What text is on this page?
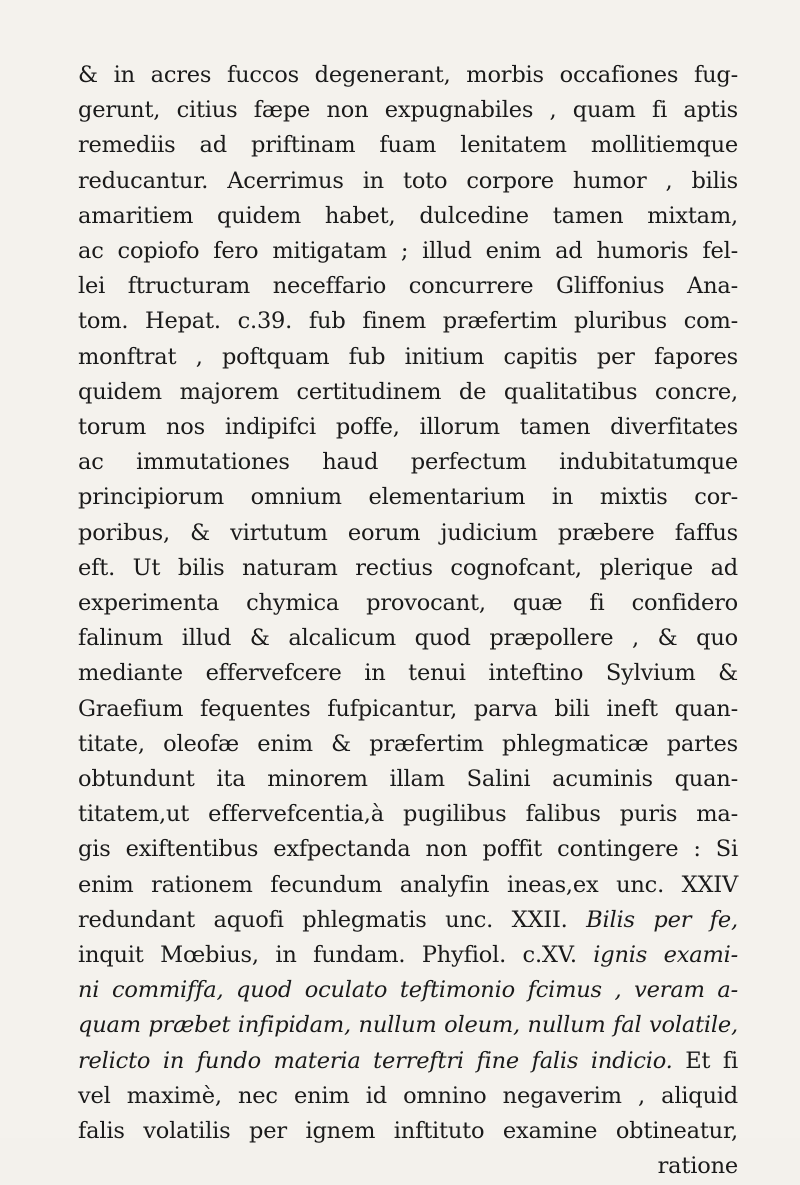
& in acres fuccos degenerant, morbis occafiones fug-
gerunt, citius fæpe non expugnabiles , quam fi aptis
remediis ad priftinam fuam lenitatem mollitiemque
reducantur. Acerrimus in toto corpore humor , bilis
amaritiem quidem habet, dulcedine tamen mixtam,
ac copiofo fero mitigatam ; illud enim ad humoris fel-
lei ftructuram neceffario concurrere Gliffonius Ana-
tom. Hepat. c.39. fub finem præfertim pluribus com-
monftrat , poftquam fub initium capitis per fapores
quidem majorem certitudinem de qualitatibus concre,
torum nos indipifci poffe, illorum tamen diverfitates
ac immutationes haud perfectum indubitatumque
principiorum omnium elementarium in mixtis cor-
poribus, & virtutum eorum judicium præbere faffus
eft. Ut bilis naturam rectius cognofcant, plerique ad
experimenta chymica provocant, quæ fi confidero
falinum illud & alcalicum quod præpollere , & quo
mediante effervefcere in tenui inteftino Sylvium &
Graefium fequentes fufpicantur, parva bili ineft quan-
titate, oleofæ enim & præfertim phlegmaticæ partes
obtundunt ita minorem illam Salini acuminis quan-
titatem,ut effervefcentia,à pugilibus falibus puris ma-
gis exiftentibus exfpectanda non poffit contingere : Si
enim rationem fecundum analyfin ineas,ex unc. XXIV
redundant aquofi phlegmatis unc. XXII. Bilis per fe,
inquit Mœbius, in fundam. Phyfiol. c.XV. ignis exami-
ni commiffa, quod oculato teftimonio fcimus , veram a-
quam præbet infipidam, nullum oleum, nullum fal volatile,
relicto in fundo materia terreftri fine falis indicio. Et fi
vel maximè, nec enim id omnino negaverim , aliquid
falis volatilis per ignem inftituto examine obtineatur,
ratione
